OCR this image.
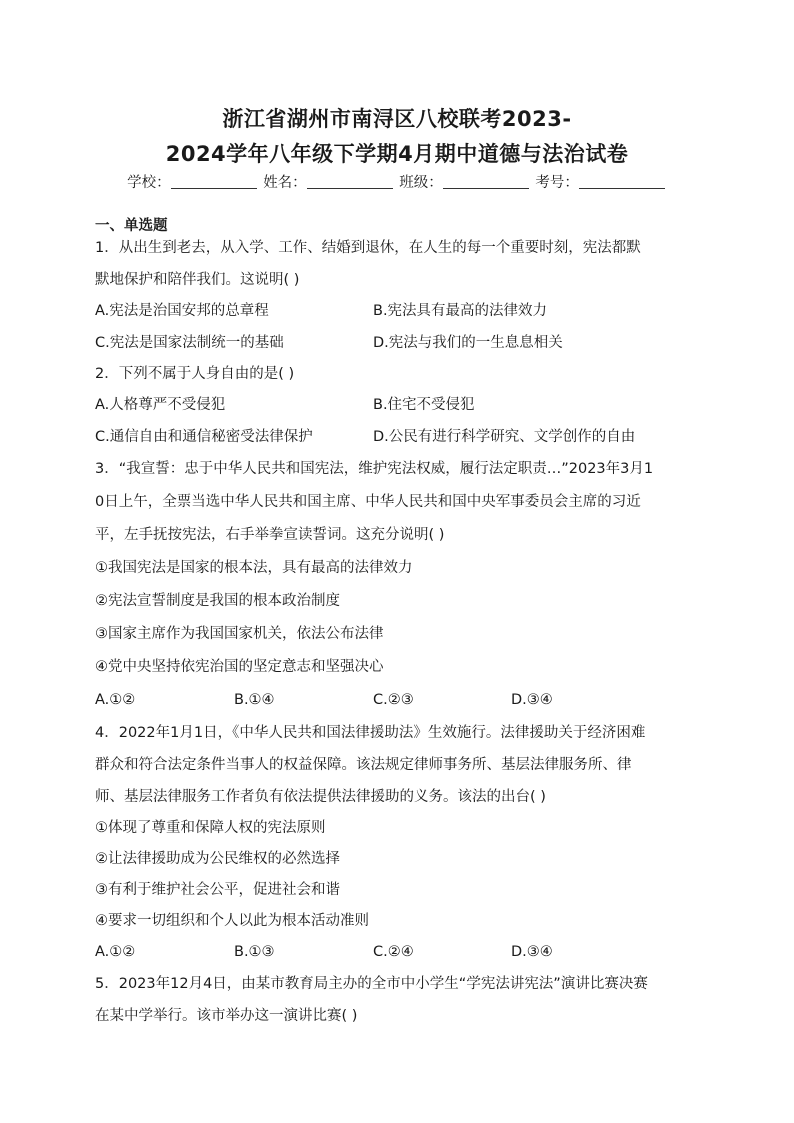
浙江省湖州市南浔区八校联考2023-
2024学年八年级下学期4月期中道德与法治试卷
学校：	姓名：	班级：	考号：
一、单选题
1．从出生到老去，从入学、工作、结婚到退休，在人生的每一个重要时刻，宪法都默
默地保护和陪伴我们。这说明( )
A.宪法是治国安邦的总章程	B.宪法具有最高的法律效力
C.宪法是国家法制统一的基础	D.宪法与我们的一生息息相关
2．下列不属于人身自由的是( )
A.人格尊严不受侵犯	B.住宅不受侵犯
C.通信自由和通信秘密受法律保护	D.公民有进行科学研究、文学创作的自由
3．“我宣誓：忠于中华人民共和国宪法，维护宪法权威，履行法定职责…”2023年3月1
0日上午，全票当选中华人民共和国主席、中华人民共和国中央军事委员会主席的习近
平，左手抚按宪法，右手举拳宣读誓词。这充分说明( )
①我国宪法是国家的根本法，具有最高的法律效力
②宪法宣誓制度是我国的根本政治制度
③国家主席作为我国国家机关，依法公布法律
④党中央坚持依宪治国的坚定意志和坚强决心
A.①②	B.①④	C.②③	D.③④
4．2022年1月1日，《中华人民共和国法律援助法》生效施行。法律援助关于经济困难
群众和符合法定条件当事人的权益保障。该法规定律师事务所、基层法律服务所、律
师、基层法律服务工作者负有依法提供法律援助的义务。该法的出台( )
①体现了尊重和保障人权的宪法原则
②让法律援助成为公民维权的必然选择
③有利于维护社会公平，促进社会和谐
④要求一切组织和个人以此为根本活动准则
A.①②	B.①③	C.②④	D.③④
5．2023年12月4日，由某市教育局主办的全市中小学生“学宪法讲宪法”演讲比赛决赛
在某中学举行。该市举办这一演讲比赛( )
